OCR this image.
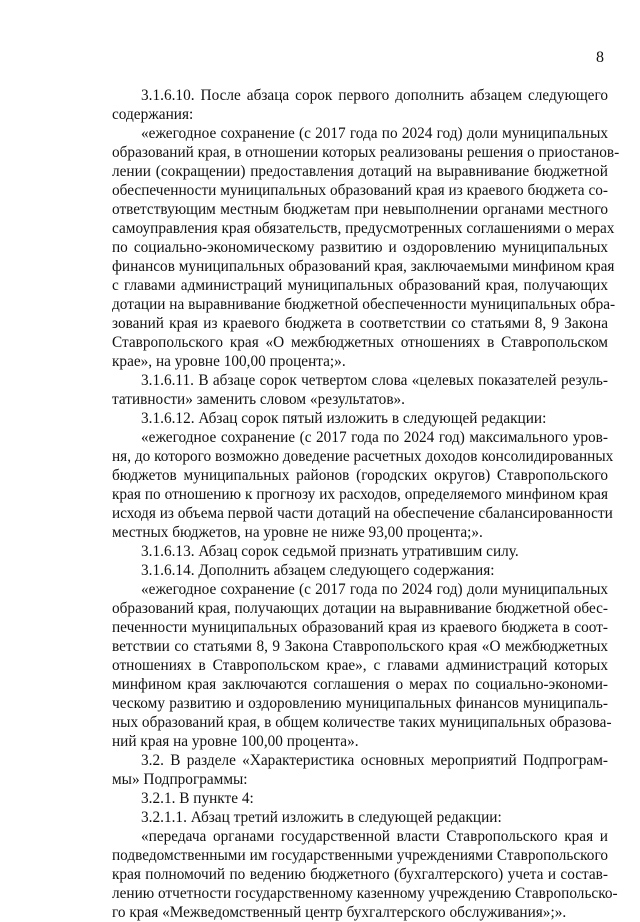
8
3.1.6.10. После абзаца сорок первого дополнить абзацем следующего
содержания:
«ежегодное сохранение (с 2017 года по 2024 год) доли муниципальных
образований края, в отношении которых реализованы решения о приостанов-
лении (сокращении) предоставления дотаций на выравнивание бюджетной
обеспеченности муниципальных образований края из краевого бюджета со-
ответствующим местным бюджетам при невыполнении органами местного
самоуправления края обязательств, предусмотренных соглашениями о мерах
по социально-экономическому развитию и оздоровлению муниципальных
финансов муниципальных образований края, заключаемыми минфином края
с главами администраций муниципальных образований края, получающих
дотации на выравнивание бюджетной обеспеченности муниципальных обра-
зований края из краевого бюджета в соответствии со статьями 8, 9 Закона
Ставропольского края «О межбюджетных отношениях в Ставропольском
крае», на уровне 100,00 процента;».
3.1.6.11. В абзаце сорок четвертом слова «целевых показателей резуль-
тативности» заменить словом «результатов».
3.1.6.12. Абзац сорок пятый изложить в следующей редакции:
«ежегодное сохранение (с 2017 года по 2024 год) максимального уров-
ня, до которого возможно доведение расчетных доходов консолидированных
бюджетов муниципальных районов (городских округов) Ставропольского
края по отношению к прогнозу их расходов, определяемого минфином края
исходя из объема первой части дотаций на обеспечение сбалансированности
местных бюджетов, на уровне не ниже 93,00 процента;».
3.1.6.13. Абзац сорок седьмой признать утратившим силу.
3.1.6.14. Дополнить абзацем следующего содержания:
«ежегодное сохранение (с 2017 года по 2024 год) доли муниципальных
образований края, получающих дотации на выравнивание бюджетной обес-
печенности муниципальных образований края из краевого бюджета в соот-
ветствии со статьями 8, 9 Закона Ставропольского края «О межбюджетных
отношениях в Ставропольском крае», с главами администраций которых
минфином края заключаются соглашения о мерах по социально-экономи-
ческому развитию и оздоровлению муниципальных финансов муниципаль-
ных образований края, в общем количестве таких муниципальных образова-
ний края на уровне 100,00 процента».
3.2. В разделе «Характеристика основных мероприятий Подпрограм-
мы» Подпрограммы:
3.2.1. В пункте 4:
3.2.1.1. Абзац третий изложить в следующей редакции:
«передача органами государственной власти Ставропольского края и
подведомственными им государственными учреждениями Ставропольского
края полномочий по ведению бюджетного (бухгалтерского) учета и состав-
лению отчетности государственному казенному учреждению Ставропольско-
го края «Межведомственный центр бухгалтерского обслуживания»;».
